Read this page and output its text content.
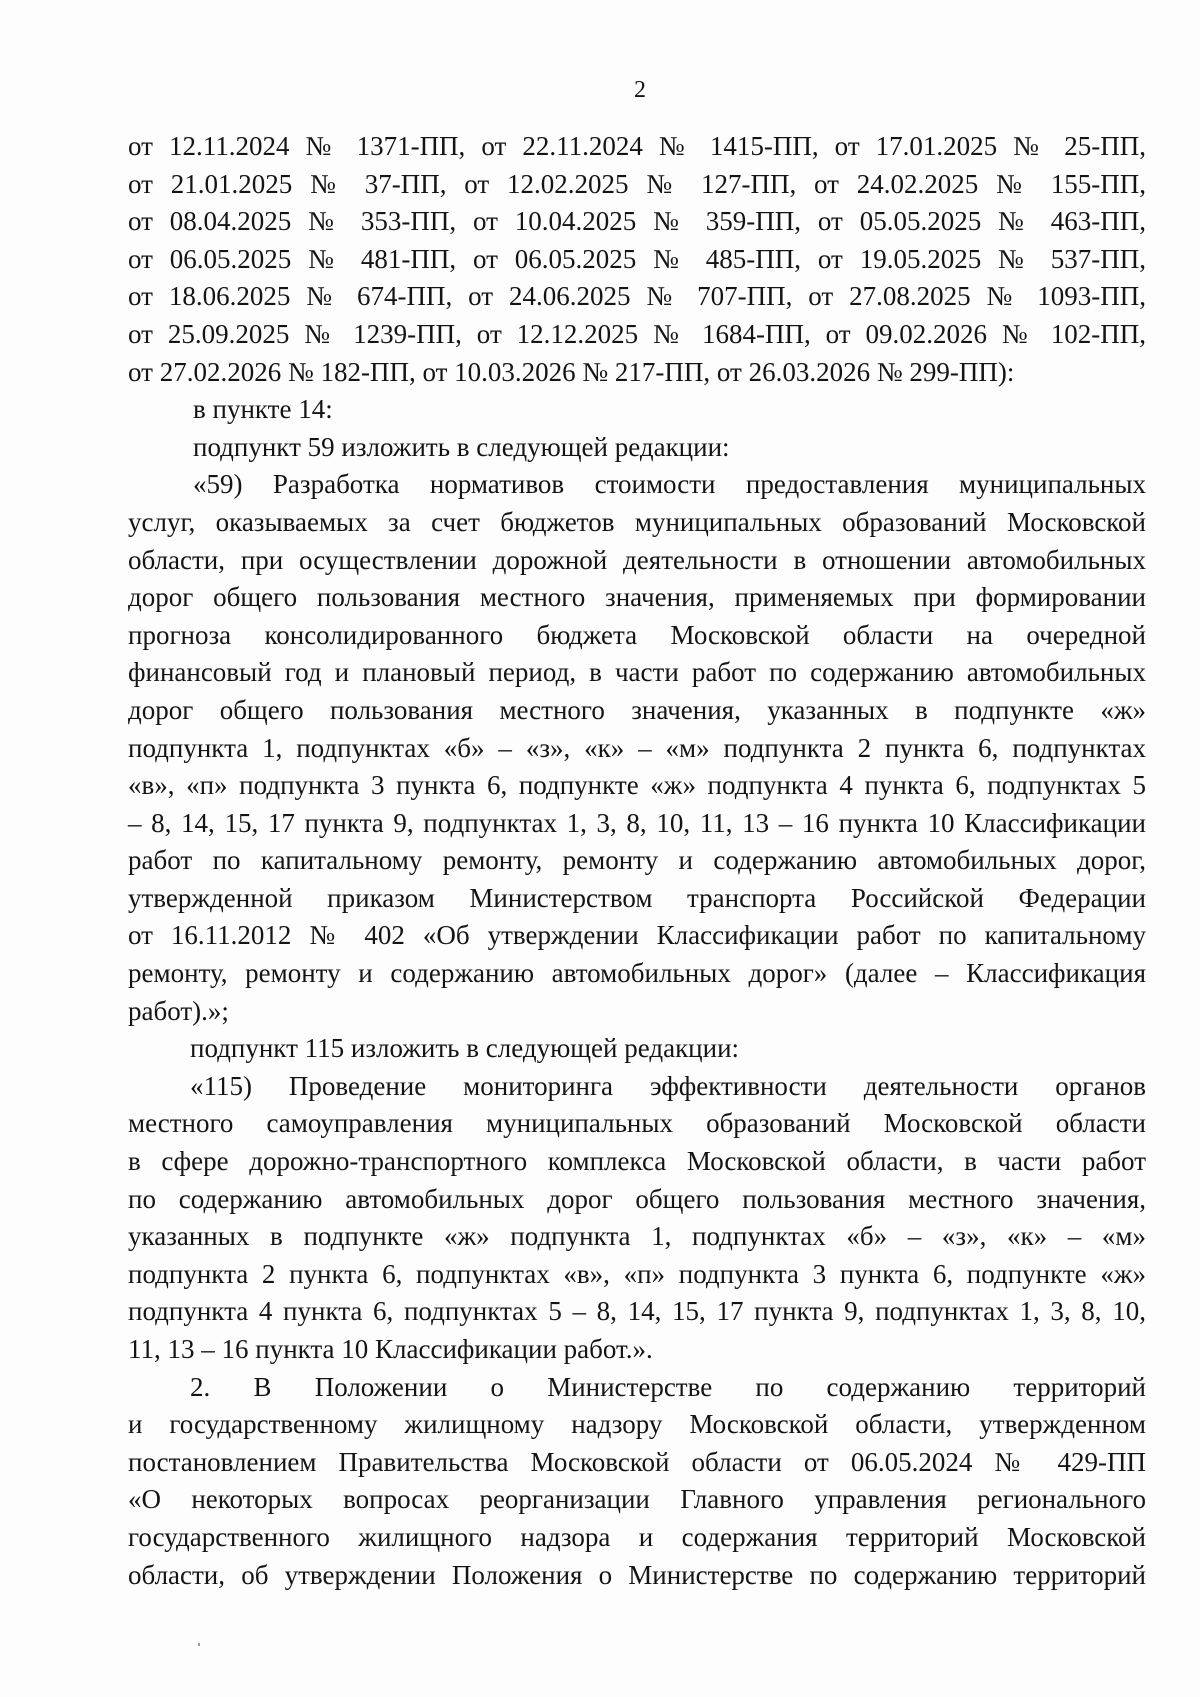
2
от 12.11.2024 № 1371-ПП, от 22.11.2024 № 1415-ПП, от 17.01.2025 № 25-ПП,
от 21.01.2025 № 37-ПП, от 12.02.2025 № 127-ПП, от 24.02.2025 № 155-ПП,
от 08.04.2025 № 353-ПП, от 10.04.2025 № 359-ПП, от 05.05.2025 № 463-ПП,
от 06.05.2025 № 481-ПП, от 06.05.2025 № 485-ПП, от 19.05.2025 № 537-ПП,
от 18.06.2025 № 674-ПП, от 24.06.2025 № 707-ПП, от 27.08.2025 № 1093-ПП,
от 25.09.2025 № 1239-ПП, от 12.12.2025 № 1684-ПП, от 09.02.2026 № 102-ПП,
от 27.02.2026 № 182-ПП, от 10.03.2026 № 217-ПП, от 26.03.2026 № 299-ПП):
в пункте 14:
подпункт 59 изложить в следующей редакции:
«59) Разработка нормативов стоимости предоставления муниципальных
услуг, оказываемых за счет бюджетов муниципальных образований Московской
области, при осуществлении дорожной деятельности в отношении автомобильных
дорог общего пользования местного значения, применяемых при формировании
прогноза консолидированного бюджета Московской области на очередной
финансовый год и плановый период, в части работ по содержанию автомобильных
дорог общего пользования местного значения, указанных в подпункте «ж»
подпункта 1, подпунктах «б» – «з», «к» – «м» подпункта 2 пункта 6, подпунктах
«в», «п» подпункта 3 пункта 6, подпункте «ж» подпункта 4 пункта 6, подпунктах 5
– 8, 14, 15, 17 пункта 9, подпунктах 1, 3, 8, 10, 11, 13 – 16 пункта 10 Классификации
работ по капитальному ремонту, ремонту и содержанию автомобильных дорог,
утвержденной приказом Министерством транспорта Российской Федерации
от 16.11.2012 № 402 «Об утверждении Классификации работ по капитальному
ремонту, ремонту и содержанию автомобильных дорог» (далее – Классификация
работ).»;
подпункт 115 изложить в следующей редакции:
«115) Проведение мониторинга эффективности деятельности органов
местного самоуправления муниципальных образований Московской области
в сфере дорожно-транспортного комплекса Московской области, в части работ
по содержанию автомобильных дорог общего пользования местного значения,
указанных в подпункте «ж» подпункта 1, подпунктах «б» – «з», «к» – «м»
подпункта 2 пункта 6, подпунктах «в», «п» подпункта 3 пункта 6, подпункте «ж»
подпункта 4 пункта 6, подпунктах 5 – 8, 14, 15, 17 пункта 9, подпунктах 1, 3, 8, 10,
11, 13 – 16 пункта 10 Классификации работ.».
2. В Положении о Министерстве по содержанию территорий
и государственному жилищному надзору Московской области, утвержденном
постановлением Правительства Московской области от 06.05.2024 № 429-ПП
«О некоторых вопросах реорганизации Главного управления регионального
государственного жилищного надзора и содержания территорий Московской
области, об утверждении Положения о Министерстве по содержанию территорий
